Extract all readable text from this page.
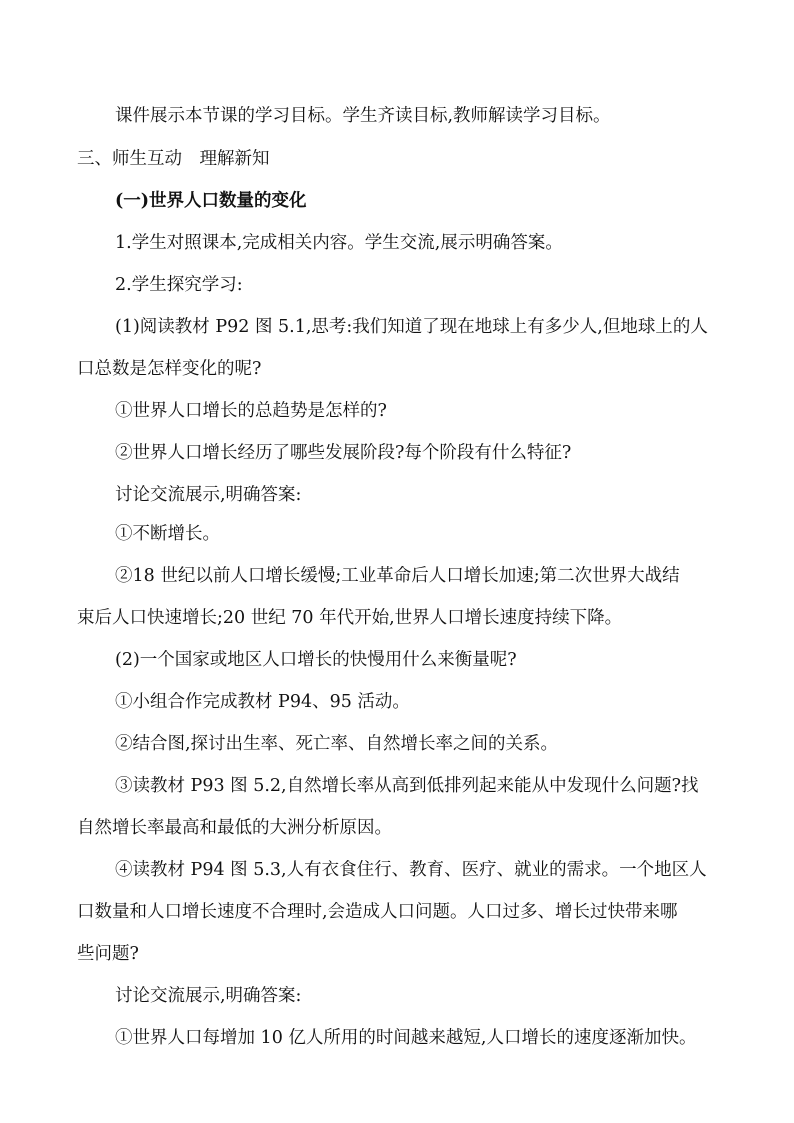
课件展示本节课的学习目标。学生齐读目标,教师解读学习目标。
三、师生互动　理解新知
(一)世界人口数量的变化
1.学生对照课本,完成相关内容。学生交流,展示明确答案。
2.学生探究学习:
(1)阅读教材 P92 图 5.1,思考:我们知道了现在地球上有多少人,但地球上的人
口总数是怎样变化的呢?
①世界人口增长的总趋势是怎样的?
②世界人口增长经历了哪些发展阶段?每个阶段有什么特征?
讨论交流展示,明确答案:
①不断增长。
②18 世纪以前人口增长缓慢;工业革命后人口增长加速;第二次世界大战结
束后人口快速增长;20 世纪 70 年代开始,世界人口增长速度持续下降。
(2)一个国家或地区人口增长的快慢用什么来衡量呢?
①小组合作完成教材 P94、95 活动。
②结合图,探讨出生率、死亡率、自然增长率之间的关系。
③读教材 P93 图 5.2,自然增长率从高到低排列起来能从中发现什么问题?找
自然增长率最高和最低的大洲分析原因。
④读教材 P94 图 5.3,人有衣食住行、教育、医疗、就业的需求。一个地区人
口数量和人口增长速度不合理时,会造成人口问题。人口过多、增长过快带来哪
些问题?
讨论交流展示,明确答案:
①世界人口每增加 10 亿人所用的时间越来越短,人口增长的速度逐渐加快。
